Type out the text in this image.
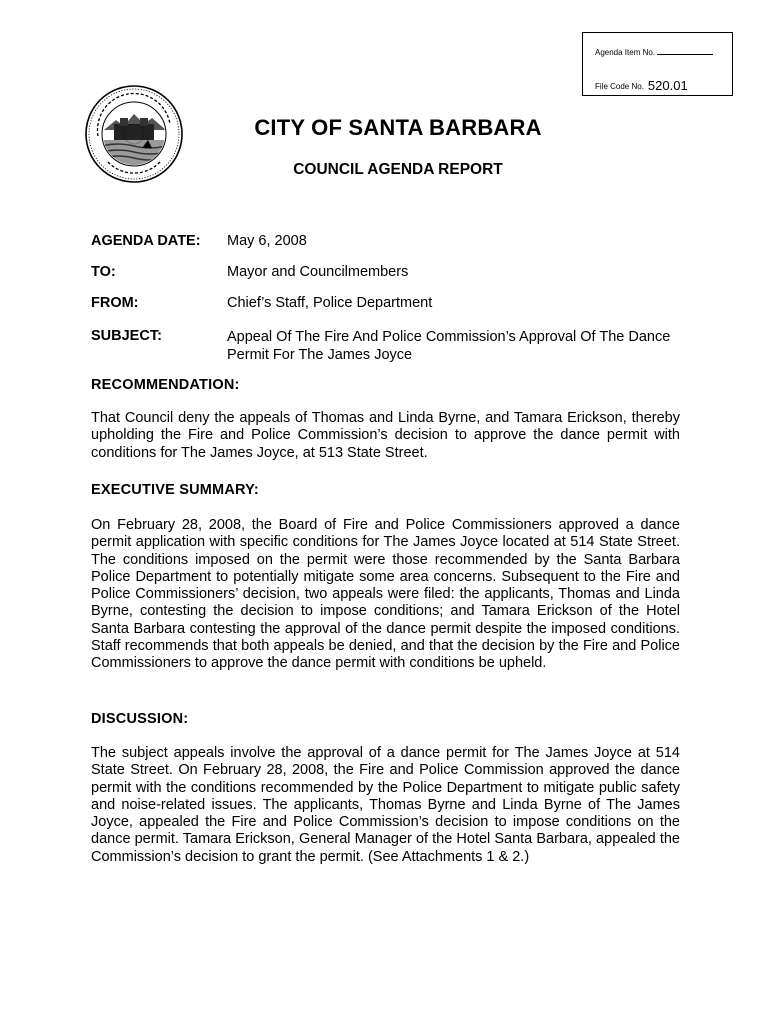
Agenda Item No.
File Code No. 520.01
CITY OF SANTA BARBARA
COUNCIL AGENDA REPORT
AGENDA DATE: May 6, 2008
TO:	Mayor and Councilmembers
FROM:	Chief’s Staff, Police Department
SUBJECT:	Appeal Of The Fire And Police Commission’s Approval Of The Dance Permit For The James Joyce
RECOMMENDATION:

That Council deny the appeals of Thomas and Linda Byrne, and Tamara Erickson, thereby upholding the Fire and Police Commission’s decision to approve the dance permit with conditions for The James Joyce, at 513 State Street.

EXECUTIVE SUMMARY:

On February 28, 2008, the Board of Fire and Police Commissioners approved a dance permit application with specific conditions for The James Joyce located at 514 State Street. The conditions imposed on the permit were those recommended by the Santa Barbara Police Department to potentially mitigate some area concerns. Subsequent to the Fire and Police Commissioners’ decision, two appeals were filed: the applicants, Thomas and Linda Byrne, contesting the decision to impose conditions; and Tamara Erickson of the Hotel Santa Barbara contesting the approval of the dance permit despite the imposed conditions. Staff recommends that both appeals be denied, and that the decision by the Fire and Police Commissioners to approve the dance permit with conditions be upheld.

DISCUSSION:

The subject appeals involve the approval of a dance permit for The James Joyce at 514 State Street. On February 28, 2008, the Fire and Police Commission approved the dance permit with the conditions recommended by the Police Department to mitigate public safety and noise-related issues. The applicants, Thomas Byrne and Linda Byrne of The James Joyce, appealed the Fire and Police Commission’s decision to impose conditions on the dance permit. Tamara Erickson, General Manager of the Hotel Santa Barbara, appealed the Commission’s decision to grant the permit. (See Attachments 1 & 2.)
